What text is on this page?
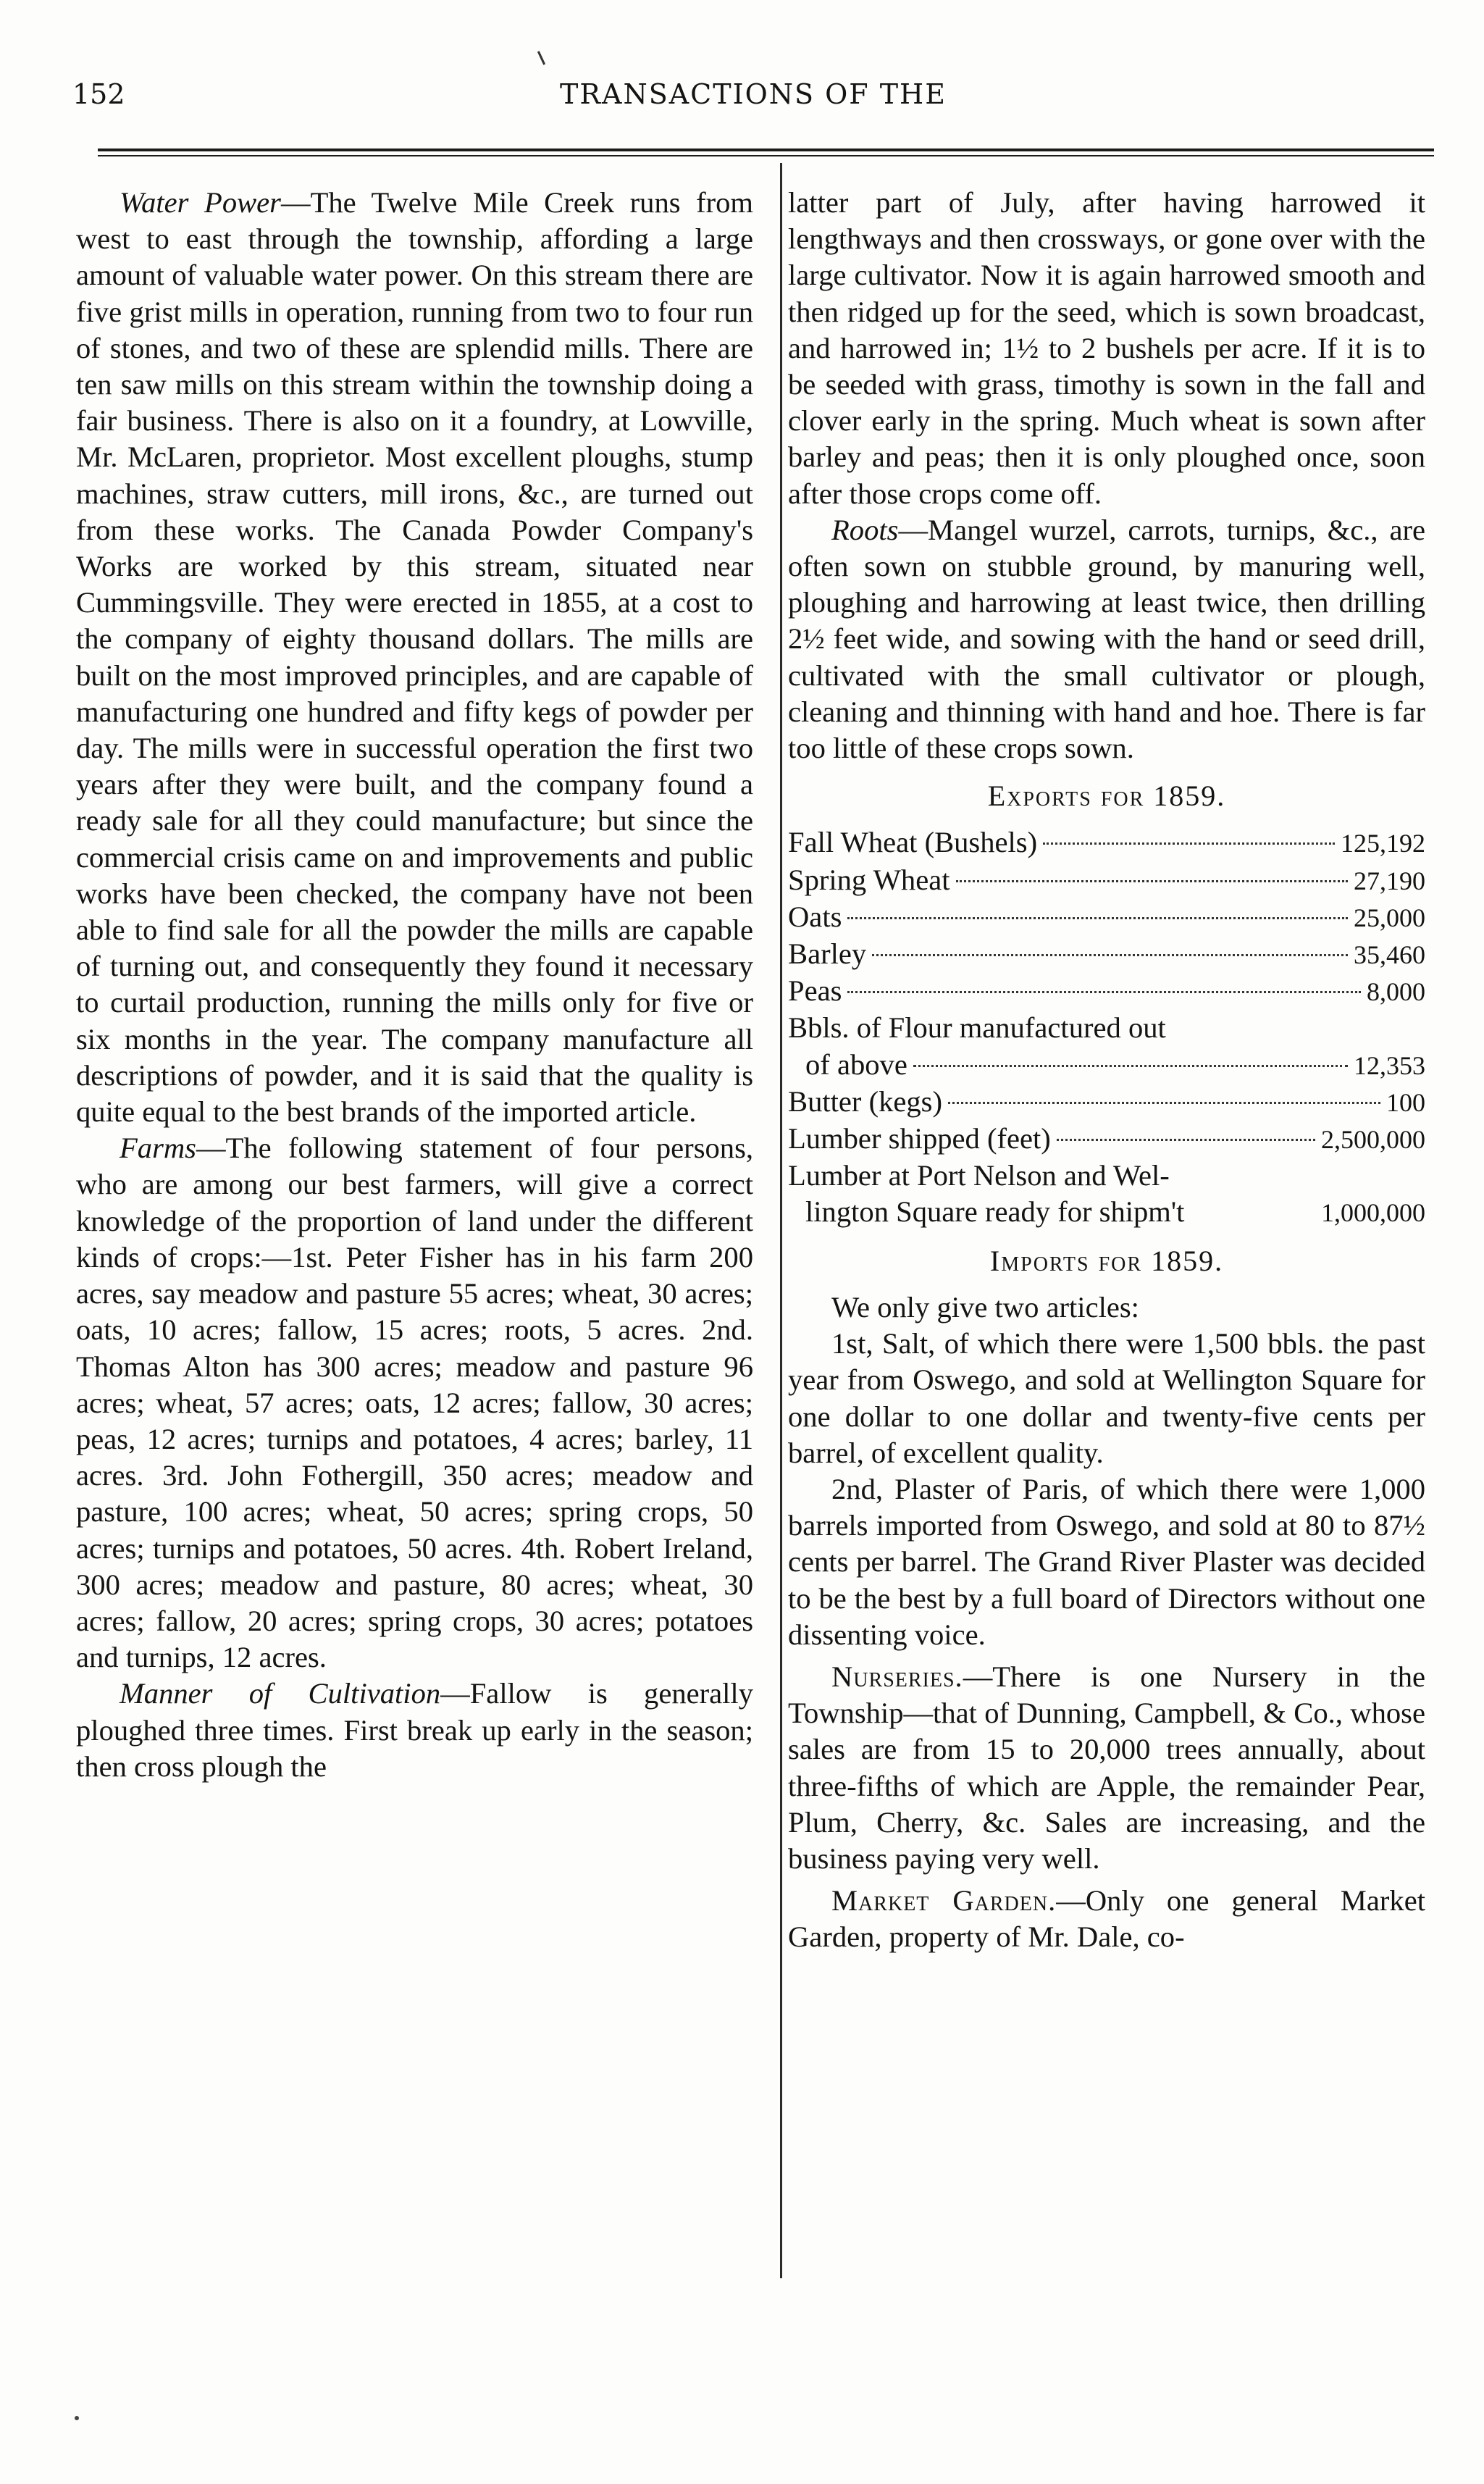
152	TRANSACTIONS OF THE

Water Power—The Twelve Mile Creek runs from west to east through the township, affording a large amount of valuable water power. On this stream there are five grist mills in operation, running from two to four run of stones, and two of these are splendid mills. There are ten saw mills on this stream within the township doing a fair business. There is also on it a foundry, at Lowville, Mr. McLaren, proprietor. Most excellent ploughs, stump machines, straw cutters, mill irons, &c., are turned out from these works. The Canada Powder Company's Works are worked by this stream, situated near Cummingsville. They were erected in 1855, at a cost to the company of eighty thousand dollars. The mills are built on the most improved principles, and are capable of manufacturing one hundred and fifty kegs of powder per day. The mills were in successful operation the first two years after they were built, and the company found a ready sale for all they could manufacture; but since the commercial crisis came on and improvements and public works have been checked, the company have not been able to find sale for all the powder the mills are capable of turning out, and consequently they found it necessary to curtail production, running the mills only for five or six months in the year. The company manufacture all descriptions of powder, and it is said that the quality is quite equal to the best brands of the imported article.

Farms—The following statement of four persons, who are among our best farmers, will give a correct knowledge of the proportion of land under the different kinds of crops:—1st. Peter Fisher has in his farm 200 acres, say meadow and pasture 55 acres; wheat, 30 acres; oats, 10 acres; fallow, 15 acres; roots, 5 acres. 2nd. Thomas Alton has 300 acres; meadow and pasture 96 acres; wheat, 57 acres; oats, 12 acres; fallow, 30 acres; peas, 12 acres; turnips and potatoes, 4 acres; barley, 11 acres. 3rd. John Fothergill, 350 acres; meadow and pasture, 100 acres; wheat, 50 acres; spring crops, 50 acres; turnips and potatoes, 50 acres. 4th. Robert Ireland, 300 acres; meadow and pasture, 80 acres; wheat, 30 acres; fallow, 20 acres; spring crops, 30 acres; potatoes and turnips, 12 acres.

Manner of Cultivation—Fallow is generally ploughed three times. First break up early in the season; then cross plough the

latter part of July, after having harrowed it lengthways and then crossways, or gone over with the large cultivator. Now it is again harrowed smooth and then ridged up for the seed, which is sown broadcast, and harrowed in; 1½ to 2 bushels per acre. If it is to be seeded with grass, timothy is sown in the fall and clover early in the spring. Much wheat is sown after barley and peas; then it is only ploughed once, soon after those crops come off.

Roots—Mangel wurzel, carrots, turnips, &c., are often sown on stubble ground, by manuring well, ploughing and harrowing at least twice, then drilling 2½ feet wide, and sowing with the hand or seed drill, cultivated with the small cultivator or plough, cleaning and thinning with hand and hoe. There is far too little of these crops sown.

Exports for 1859.

Fall Wheat (Bushels)	125,192
Spring Wheat	27,190
Oats	25,000
Barley	35,460
Peas	8,000
Bbls. of Flour manufactured out
of above	12,353
Butter (kegs)	100
Lumber shipped (feet)	2,500,000
Lumber at Port Nelson and Wel-
lington Square ready for shipm't	1,000,000

Imports for 1859.

We only give two articles:

1st, Salt, of which there were 1,500 bbls. the past year from Oswego, and sold at Wellington Square for one dollar to one dollar and twenty-five cents per barrel, of excellent quality.

2nd, Plaster of Paris, of which there were 1,000 barrels imported from Oswego, and sold at 80 to 87½ cents per barrel. The Grand River Plaster was decided to be the best by a full board of Directors without one dissenting voice.

Nurseries.—There is one Nursery in the Township—that of Dunning, Campbell, & Co., whose sales are from 15 to 20,000 trees annually, about three-fifths of which are Apple, the remainder Pear, Plum, Cherry, &c. Sales are increasing, and the business paying very well.

Market Garden.—Only one general Market Garden, property of Mr. Dale, co-
